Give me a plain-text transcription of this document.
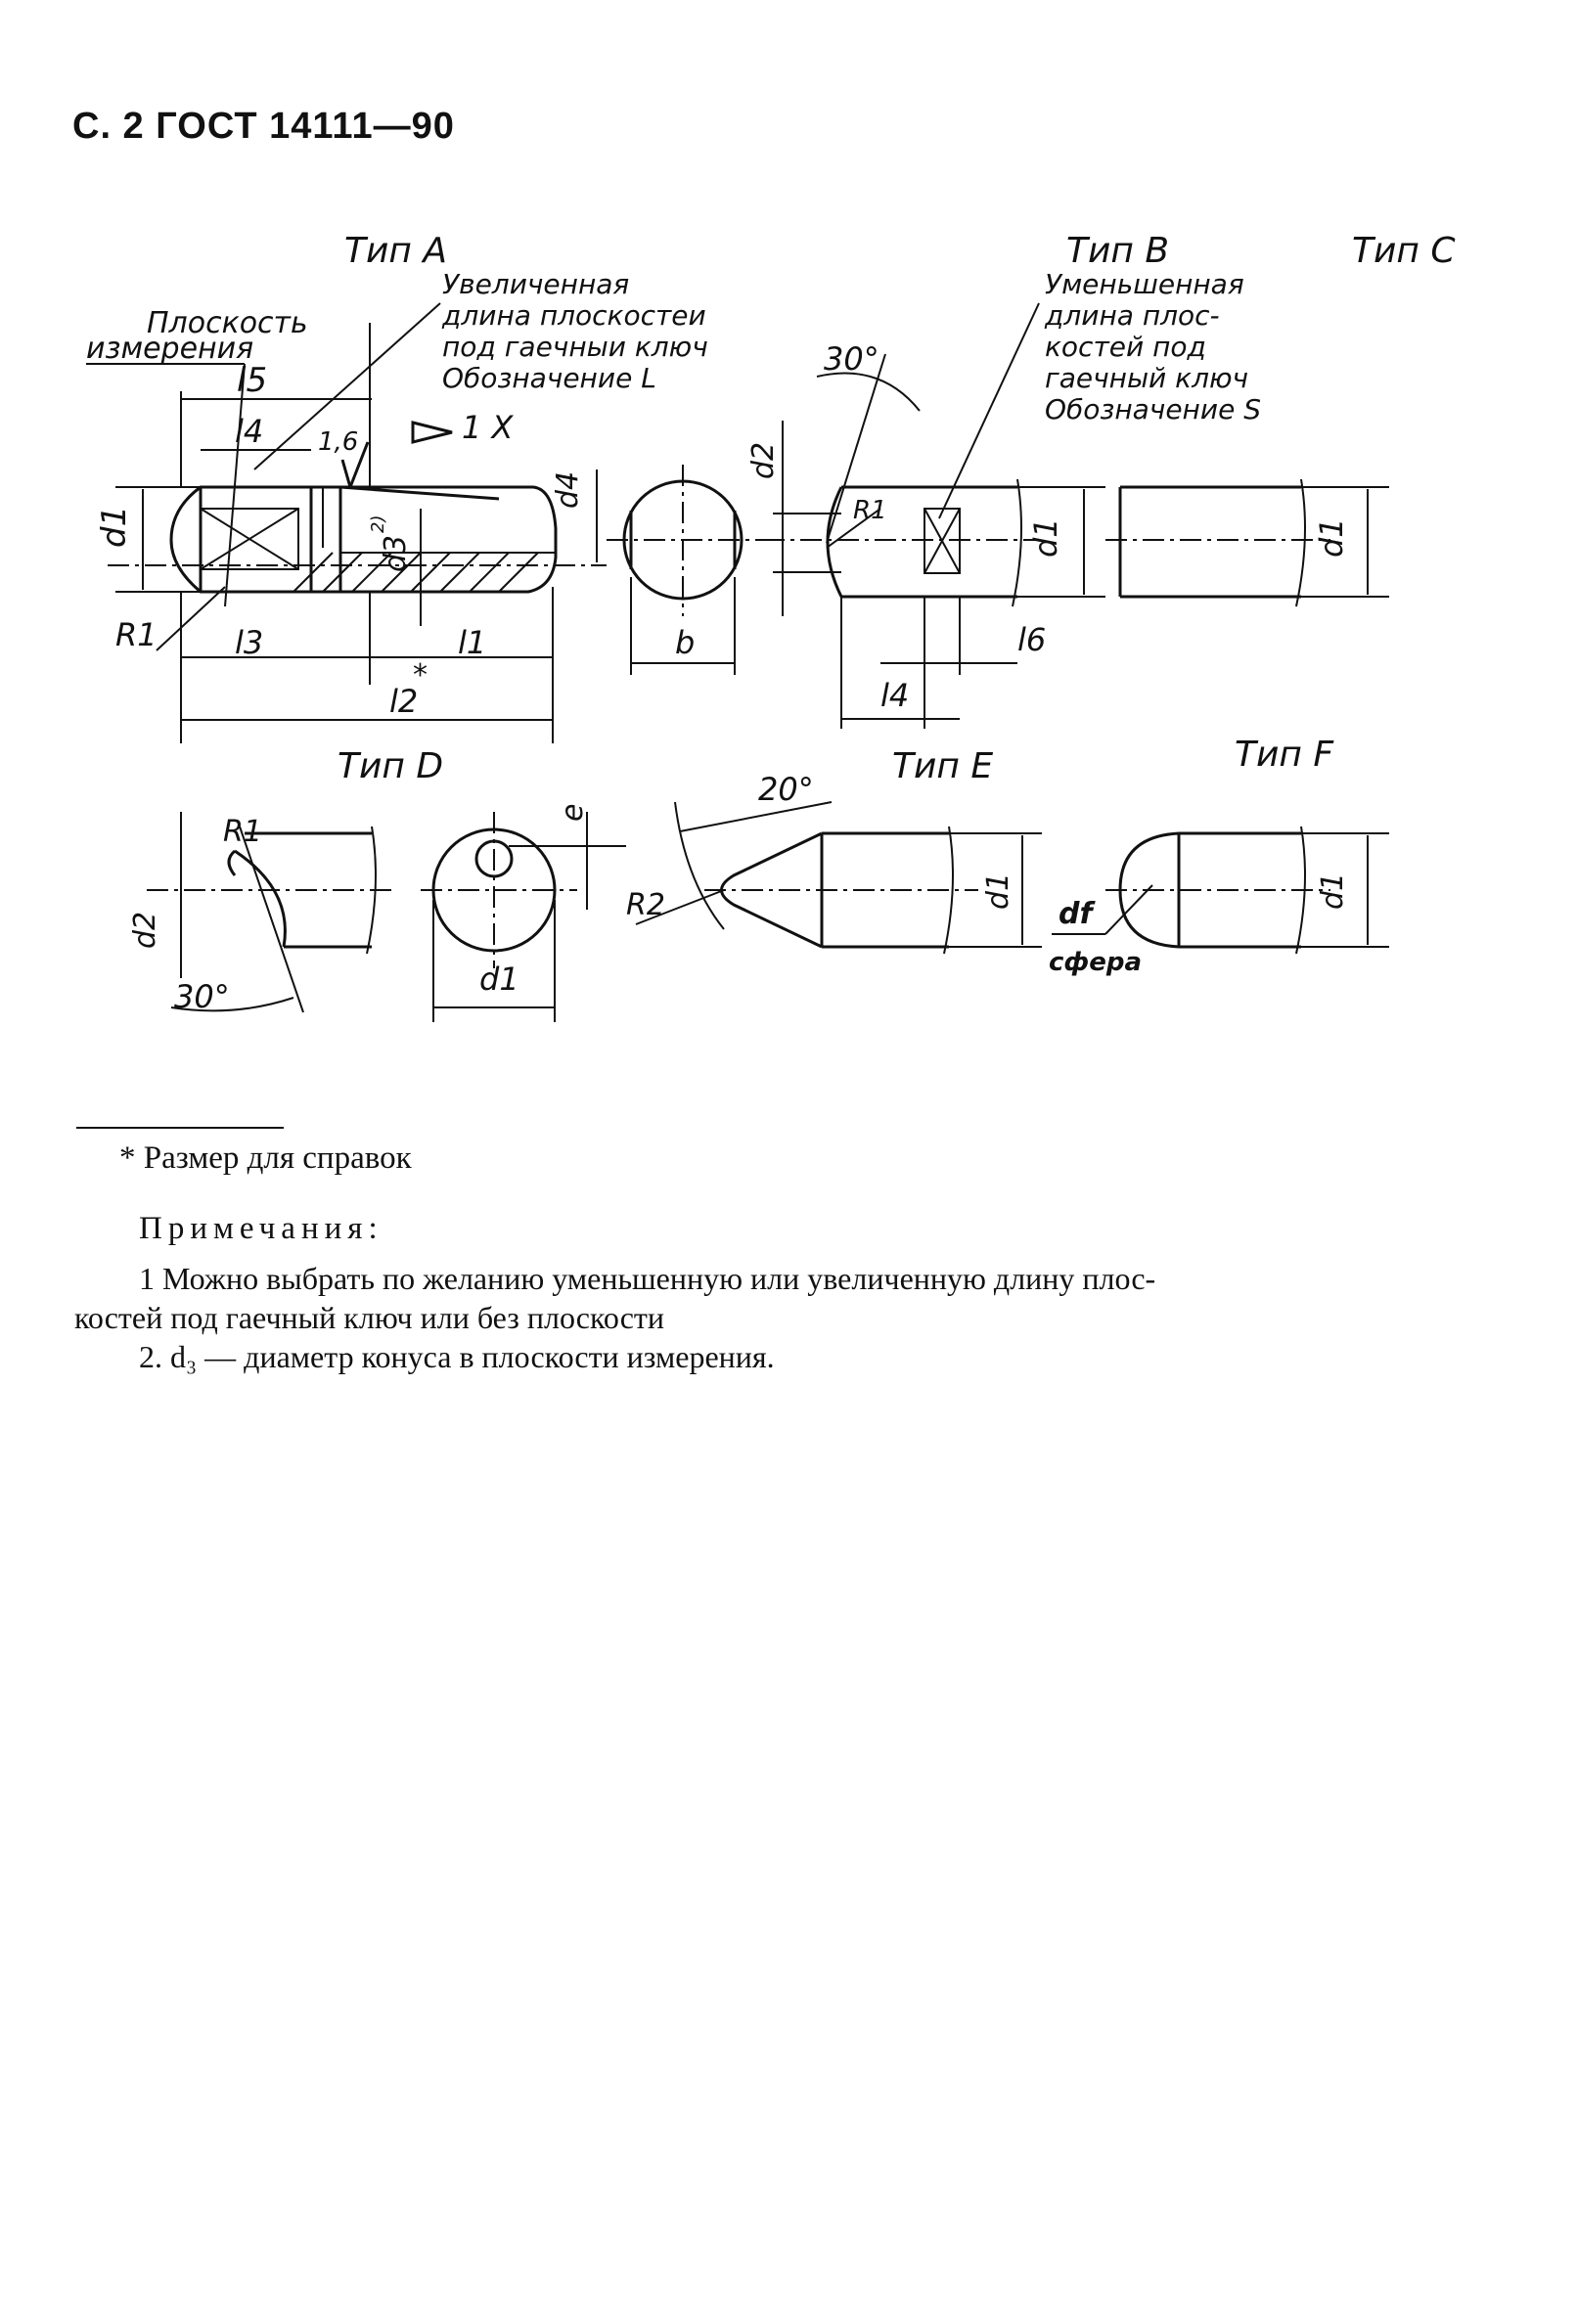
С. 2 ГОСТ 14111—90
Тип A
d1
R1
l5
l4 1,6	1 X
d4
d3
2)
Плоскость
измерения
Увеличенная
длина плоскостеи
под гаечныи ключ
Обозначение L
l3	l1
l2
*
b
Тип B
d1
d2
R1
30°
l6
l4
Уменьшенная
длина плос-
костей под
гаечный ключ
Обозначение S
Тип C
d1
Тип D
R1
d2
30°
e
d1
Тип E
d1
20°
R2
Тип F
d1
df
сфера
* Размер для справок
Примечания:
1 Можно выбрать по желанию уменьшенную или увеличенную длину плос-
костей под гаечный ключ или без плоскости
2. d₃ — диаметр конуса в плоскости измерения.
